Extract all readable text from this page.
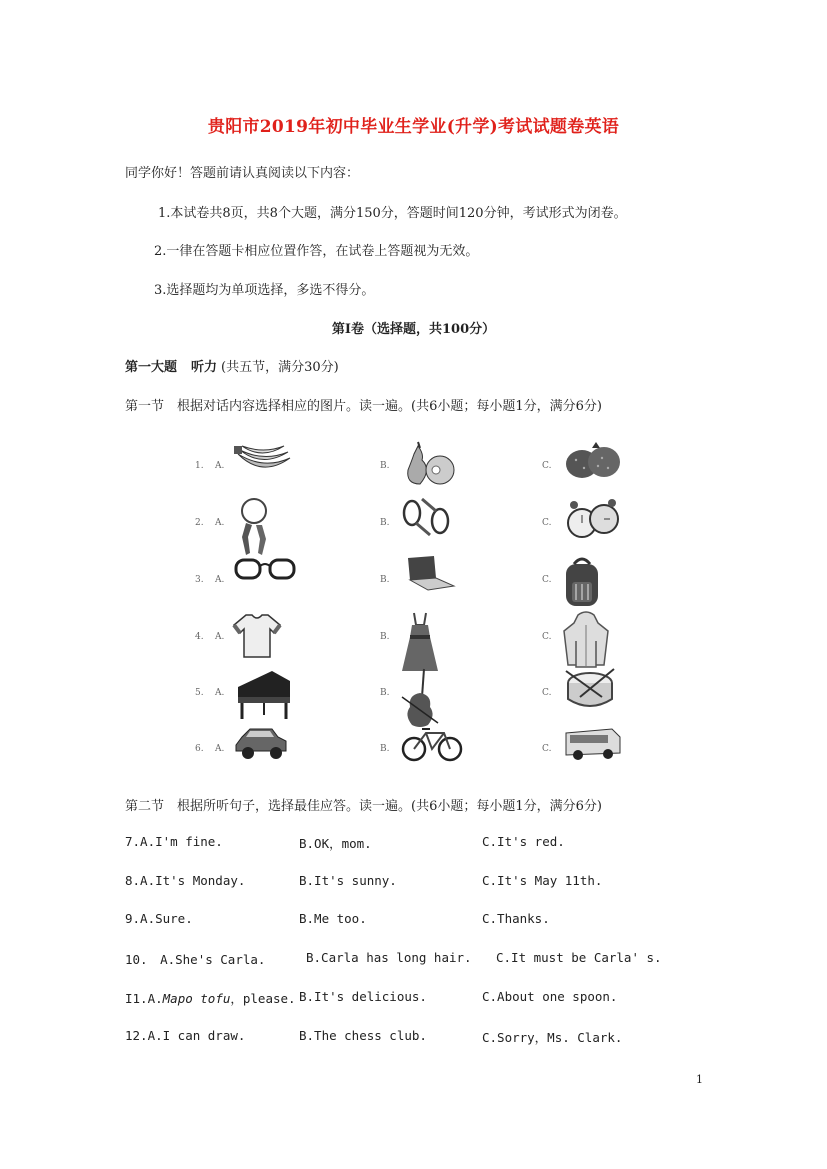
贵阳市2019年初中毕业生学业(升学)考试试题卷英语
同学你好！答题前请认真阅读以下内容：
1.本试卷共8页，共8个大题，满分150分，答题时间120分钟，考试形式为闭卷。
2.一律在答题卡相应位置作答，在试卷上答题视为无效。
3.选择题均为单项选择，多选不得分。
第Ⅰ卷（选择题，共100分）
第一大题 听力 (共五节，满分30分)
第一节　根据对话内容选择相应的图片。读一遍。(共6小题；每小题1分，满分6分)
1. A.	B.	C.
2. A.	B.	C.
3. A.	B.	C.
4. A.	B.	C.
5. A.	B.	C.
6. A.	B.	C.
第二节　根据所听句子，选择最佳应答。读一遍。(共6小题；每小题1分，满分6分)
7.A.I'm fine.	B.OK，mom.	C.It's red.
8.A.It's Monday.	B.It's sunny.	C.It's May 11th.
9.A.Sure.	B.Me too.	C.Thanks.
10.　A.She's Carla.	B.Carla has long hair. C.It must be Carla' s.
I1.A.Mapo tofu，please. B.It's delicious.	C.About one spoon.
12.A.I can draw.	B.The chess club.	C.Sorry，Ms. Clark.
1
